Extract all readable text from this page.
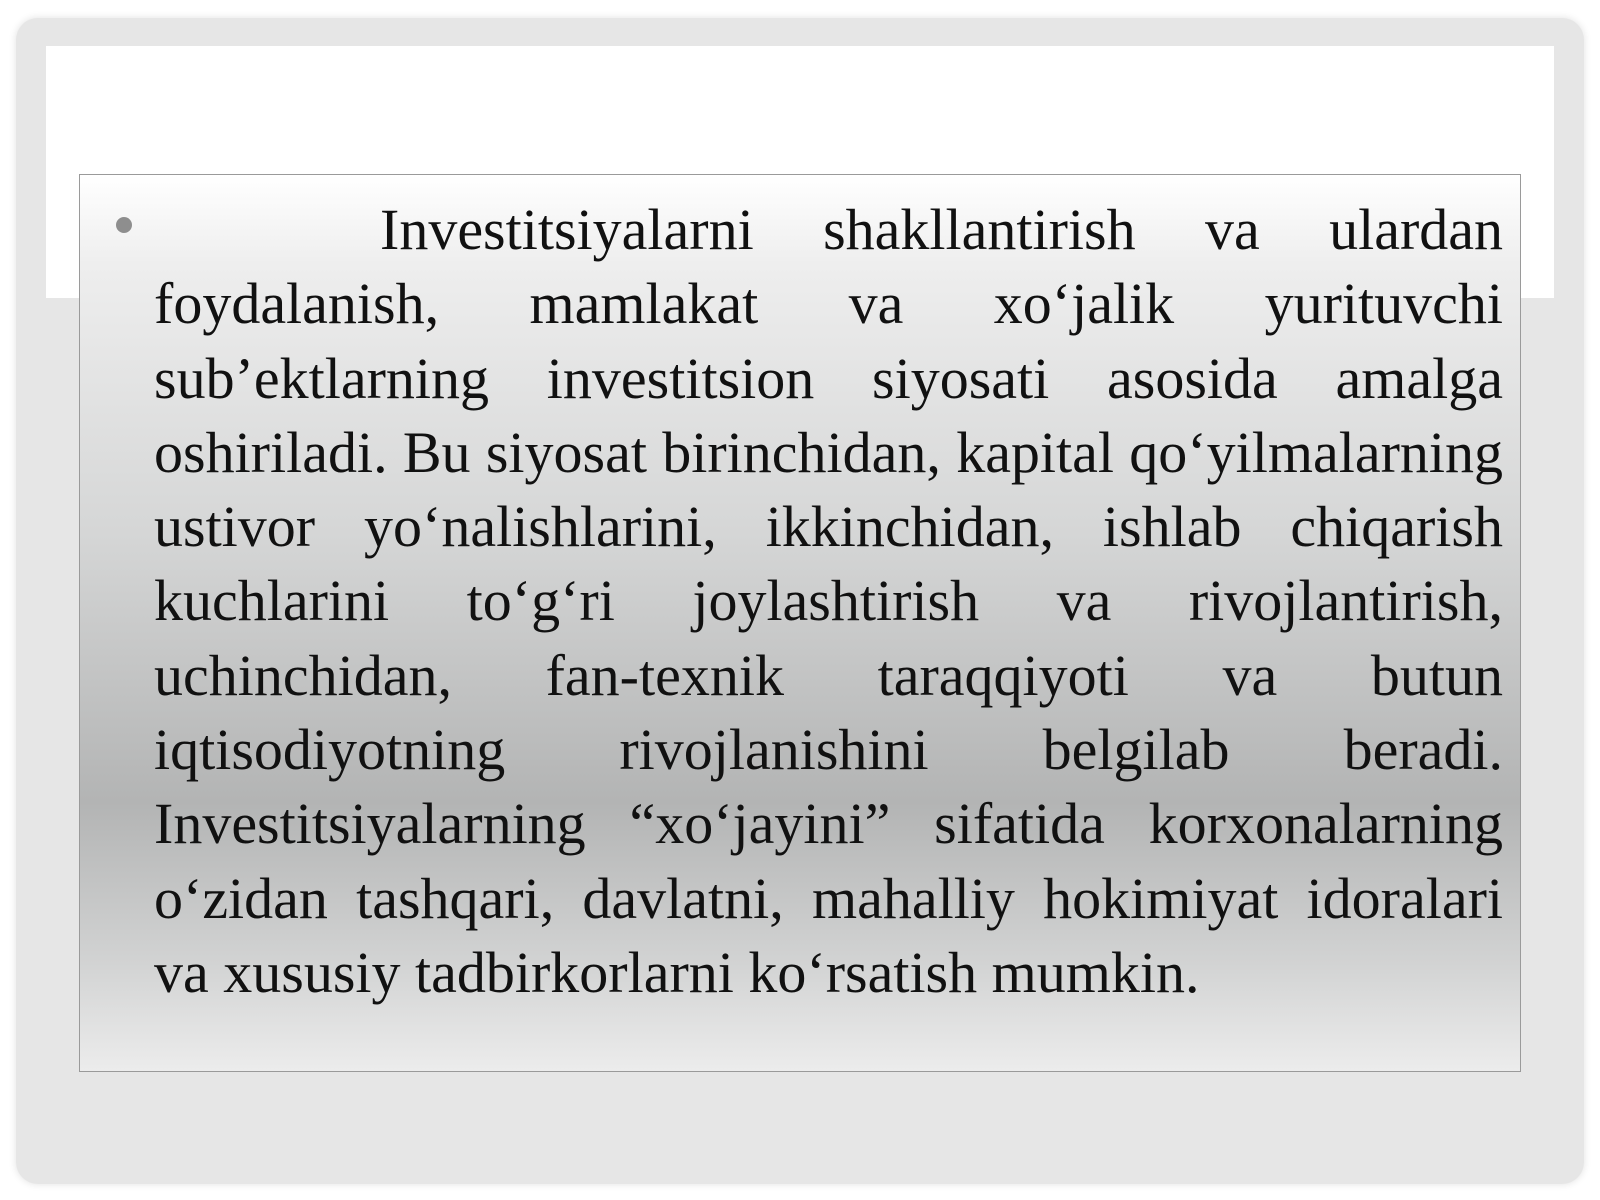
Investitsiyalarni shakllantirish va ulardan foydalanish, mamlakat va xo‘jalik yurituvchi sub’ektlarning investitsion siyosati asosida amalga oshiriladi. Bu siyosat birinchidan, kapital qo‘yilmalarning ustivor yo‘nalishlarini, ikkinchidan, ishlab chiqarish kuchlarini to‘g‘ri joylashtirish va rivojlantirish, uchinchidan, fan-texnik taraqqiyoti va butun iqtisodiyotning rivojlanishini belgilab beradi. Investitsiyalarning “xo‘jayini” sifatida korxonalarning o‘zidan tashqari, davlatni, mahalliy hokimiyat idoralari va xususiy tadbirkorlarni ko‘rsatish mumkin.
